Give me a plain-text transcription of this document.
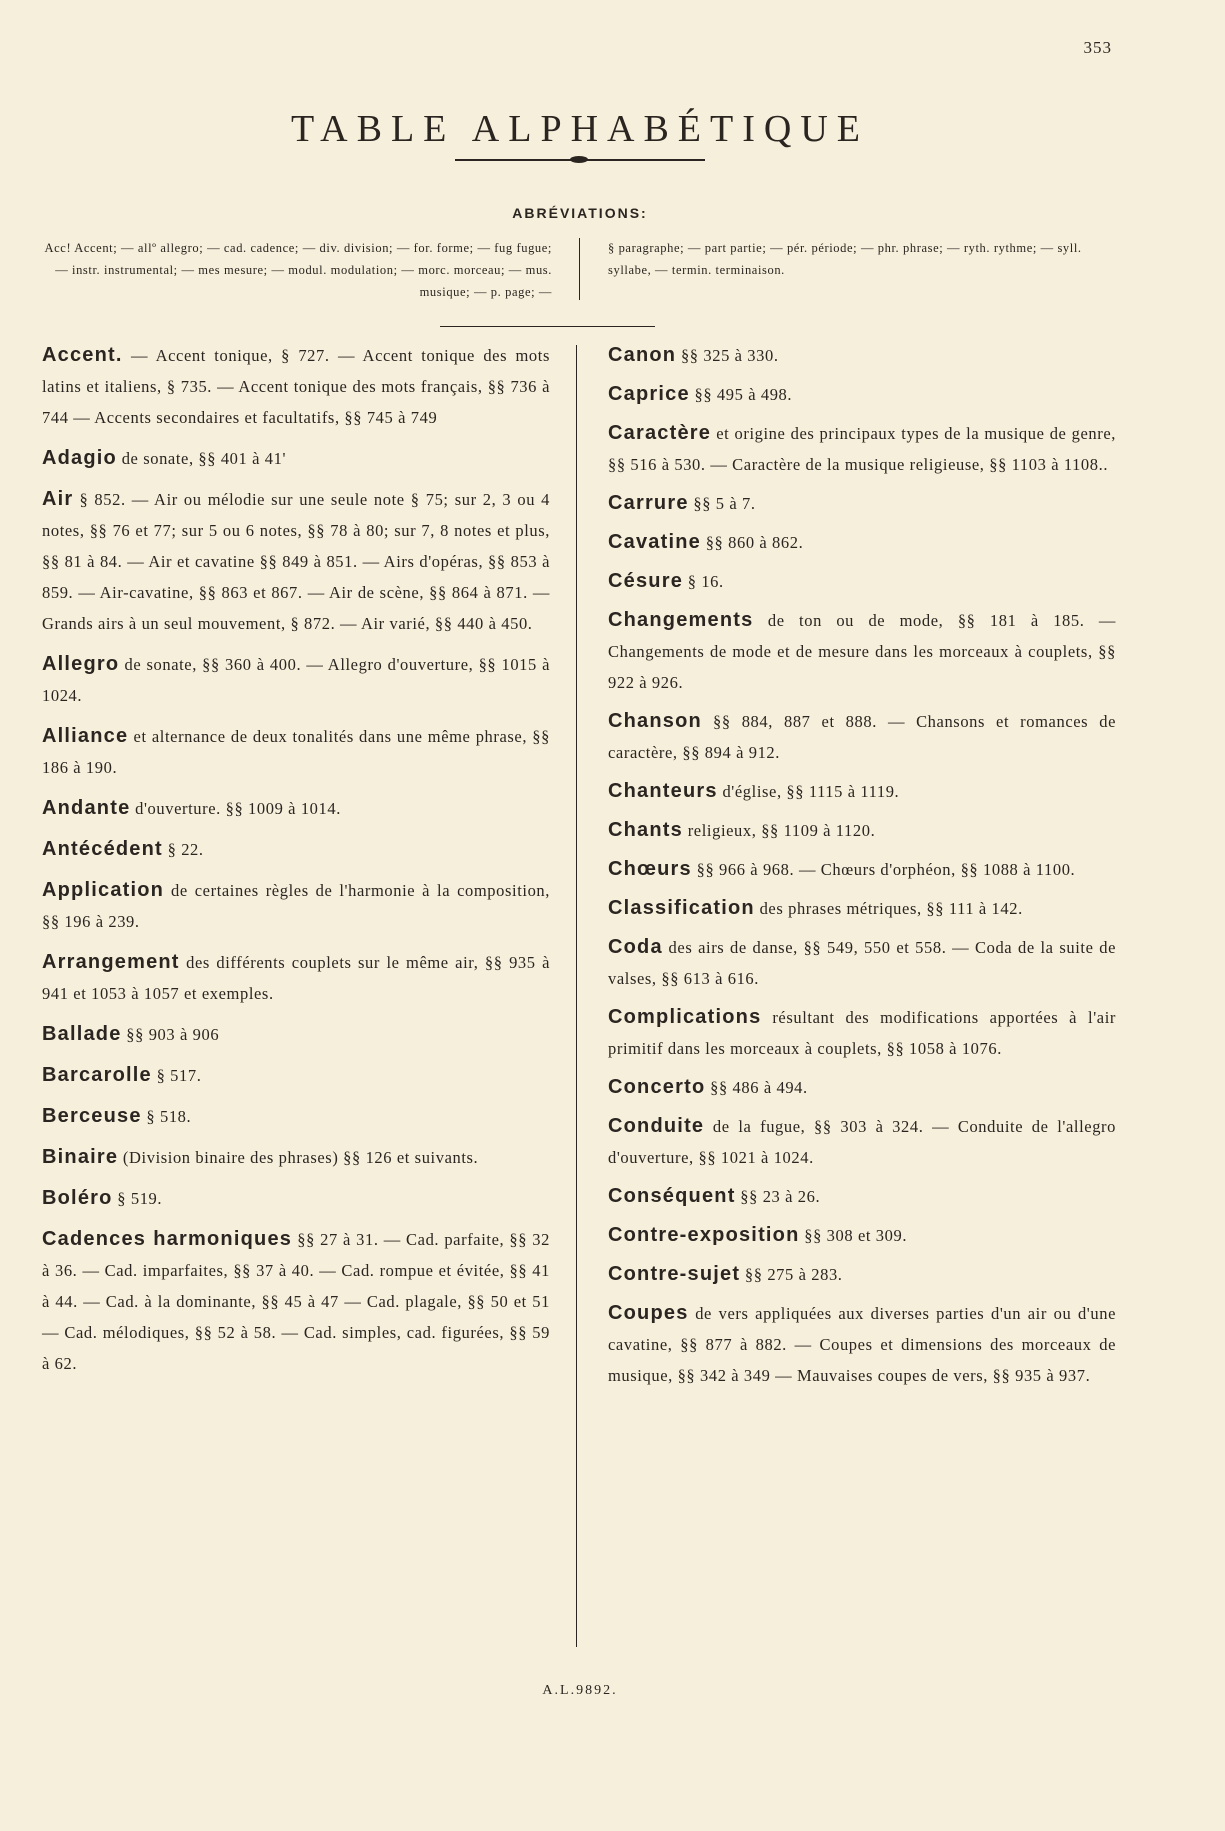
353
TABLE ALPHABÉTIQUE
ABRÉVIATIONS:
Acc! Accent; — allº allegro; — cad. cadence; — div. division; — for. forme; — fug fugue; — instr. instrumental; — mes mesure; — modul. modulation; — morc. morceau; — mus. musique; — p. page; —
§ paragraphe; — part partie; — pér. période; — phr. phrase; — ryth. rythme; — syll. syllabe, — termin. terminaison.

Accent. — Accent tonique, § 727. — Accent tonique des mots latins et italiens, § 735. — Accent tonique des mots français, §§ 736 à 744 — Accents secondaires et facultatifs, §§ 745 à 749

Adagio de sonate, §§ 401 à 41'

Air § 852. — Air ou mélodie sur une seule note § 75; sur 2, 3 ou 4 notes, §§ 76 et 77; sur 5 ou 6 notes, §§ 78 à 80; sur 7, 8 notes et plus, §§ 81 à 84. — Air et cavatine §§ 849 à 851. — Airs d'opéras, §§ 853 à 859. — Air-cavatine, §§ 863 et 867. — Air de scène, §§ 864 à 871. — Grands airs à un seul mouvement, § 872. — Air varié, §§ 440 à 450.

Allegro de sonate, §§ 360 à 400. — Allegro d'ouverture, §§ 1015 à 1024.

Alliance et alternance de deux tonalités dans une même phrase, §§ 186 à 190.

Andante d'ouverture. §§ 1009 à 1014.

Antécédent § 22.

Application de certaines règles de l'harmonie à la composition, §§ 196 à 239.

Arrangement des différents couplets sur le même air, §§ 935 à 941 et 1053 à 1057 et exemples.

Ballade §§ 903 à 906

Barcarolle § 517.

Berceuse § 518.

Binaire (Division binaire des phrases) §§ 126 et suivants.

Boléro § 519.

Cadences harmoniques §§ 27 à 31. — Cad. parfaite, §§ 32 à 36. — Cad. imparfaites, §§ 37 à 40. — Cad. rompue et évitée, §§ 41 à 44. — Cad. à la dominante, §§ 45 à 47 — Cad. plagale, §§ 50 et 51 — Cad. mélodiques, §§ 52 à 58. — Cad. simples, cad. figurées, §§ 59 à 62.

Canon §§ 325 à 330.

Caprice §§ 495 à 498.

Caractère et origine des principaux types de la musique de genre, §§ 516 à 530. — Caractère de la musique religieuse, §§ 1103 à 1108..

Carrure §§ 5 à 7.

Cavatine §§ 860 à 862.

Césure § 16.

Changements de ton ou de mode, §§ 181 à 185. — Changements de mode et de mesure dans les morceaux à couplets, §§ 922 à 926.

Chanson §§ 884, 887 et 888. — Chansons et romances de caractère, §§ 894 à 912.

Chanteurs d'église, §§ 1115 à 1119.

Chants religieux, §§ 1109 à 1120.

Chœurs §§ 966 à 968. — Chœurs d'orphéon, §§ 1088 à 1100.

Classification des phrases métriques, §§ 111 à 142.

Coda des airs de danse, §§ 549, 550 et 558. — Coda de la suite de valses, §§ 613 à 616.

Complications résultant des modifications apportées à l'air primitif dans les morceaux à couplets, §§ 1058 à 1076.

Concerto §§ 486 à 494.

Conduite de la fugue, §§ 303 à 324. — Conduite de l'allegro d'ouverture, §§ 1021 à 1024.

Conséquent §§ 23 à 26.

Contre-exposition §§ 308 et 309.

Contre-sujet §§ 275 à 283.

Coupes de vers appliquées aux diverses parties d'un air ou d'une cavatine, §§ 877 à 882. — Coupes et dimensions des morceaux de musique, §§ 342 à 349 — Mauvaises coupes de vers, §§ 935 à 937.

A.L.9892.
